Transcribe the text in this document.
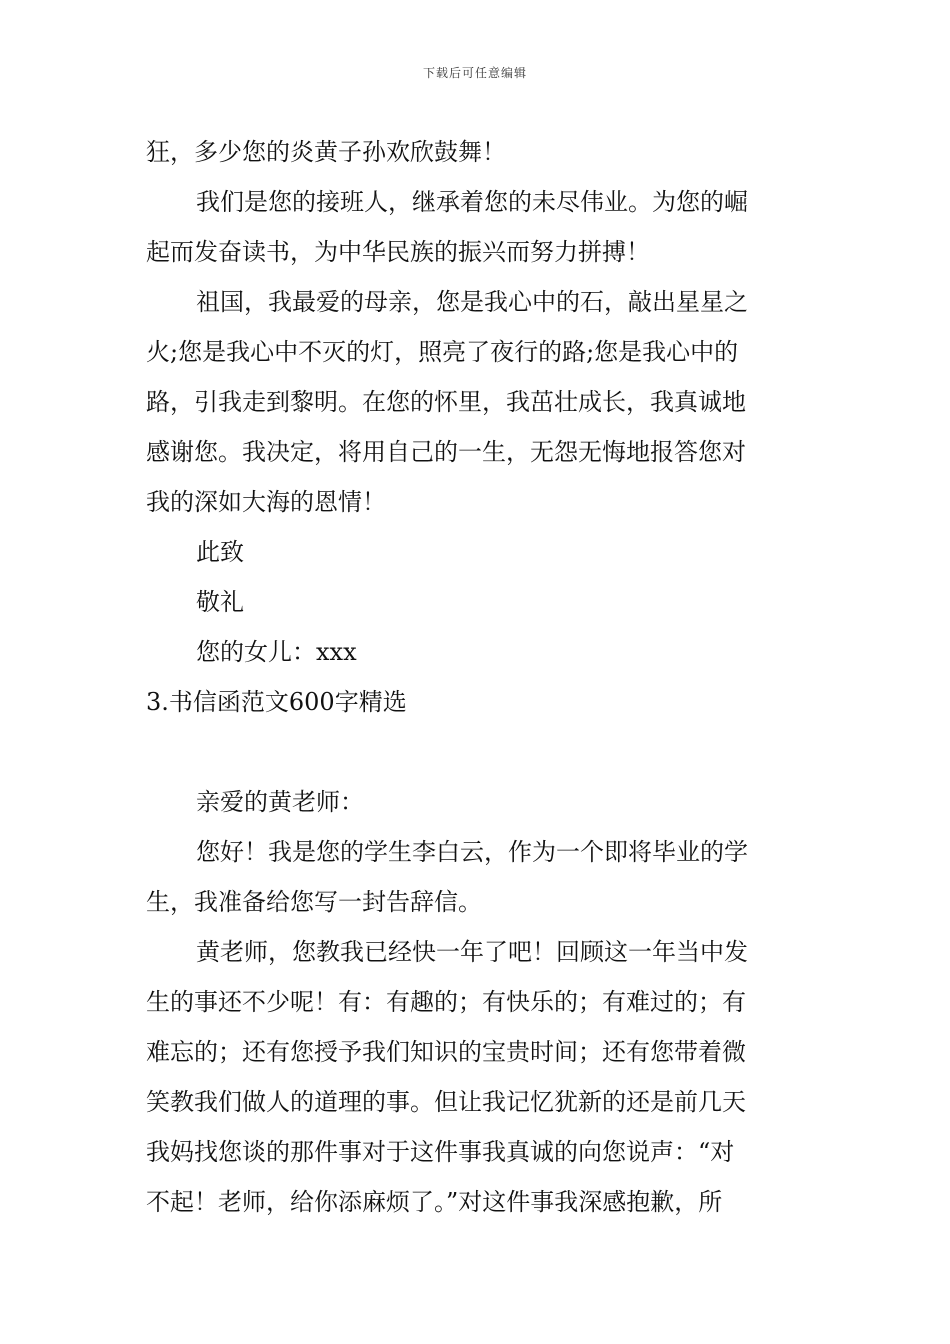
下载后可任意编辑
狂，多少您的炎黄子孙欢欣鼓舞！
我们是您的接班人，继承着您的未尽伟业。为您的崛
起而发奋读书，为中华民族的振兴而努力拼搏！
祖国，我最爱的母亲，您是我心中的石，敲出星星之
火;您是我心中不灭的灯，照亮了夜行的路;您是我心中的
路，引我走到黎明。在您的怀里，我茁壮成长，我真诚地
感谢您。我决定，将用自己的一生，无怨无悔地报答您对
我的深如大海的恩情！
此致
敬礼
您的女儿：xxx
3.书信函范文600字精选
亲爱的黄老师：
您好！我是您的学生李白云，作为一个即将毕业的学
生，我准备给您写一封告辞信。
黄老师，您教我已经快一年了吧！回顾这一年当中发
生的事还不少呢！有：有趣的；有快乐的；有难过的；有
难忘的；还有您授予我们知识的宝贵时间；还有您带着微
笑教我们做人的道理的事。但让我记忆犹新的还是前几天
我妈找您谈的那件事对于这件事我真诚的向您说声：“对
不起！老师，给你添麻烦了。”对这件事我深感抱歉，所
